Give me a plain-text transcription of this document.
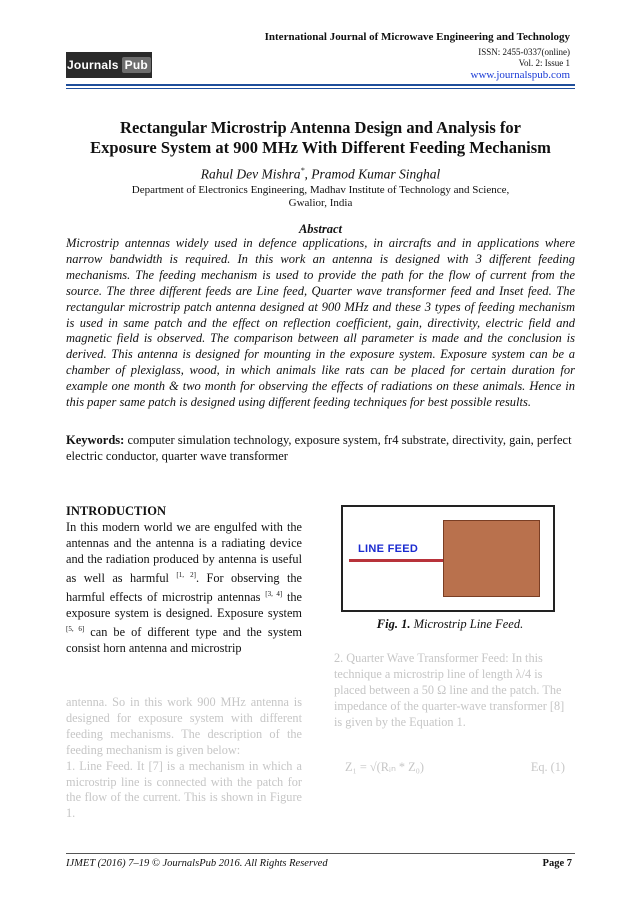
Journals Pub
International Journal of Microwave Engineering and Technology
ISSN: 2455-0337(online)
Vol. 2: Issue 1
www.journalspub.com
Rectangular Microstrip Antenna Design and Analysis for
Exposure System at 900 MHz With Different Feeding Mechanism
Rahul Dev Mishra*, Pramod Kumar Singhal
Department of Electronics Engineering, Madhav Institute of Technology and Science,
Gwalior, India
Abstract
Microstrip antennas widely used in defence applications, in aircrafts and in applications where narrow bandwidth is required. In this work an antenna is designed with 3 different feeding mechanisms. The feeding mechanism is used to provide the path for the flow of current from the source. The three different feeds are Line feed, Quarter wave transformer feed and Inset feed. The rectangular microstrip patch antenna designed at 900 MHz and these 3 types of feeding mechanism is used in same patch and the effect on reflection coefficient, gain, directivity, electric field and magnetic field is observed. The comparison between all parameter is made and the conclusion is derived. This antenna is designed for mounting in the exposure system. Exposure system can be a chamber of plexiglass, wood, in which animals like rats can be placed for certain duration for example one month & two month for observing the effects of radiations on these animals. Hence in this paper same patch is designed using different feeding techniques for best possible results.
Keywords: computer simulation technology, exposure system, fr4 substrate, directivity, gain, perfect electric conductor, quarter wave transformer

INTRODUCTION

In this modern world we are engulfed with the antennas and the antenna is a radiating device and the radiation produced by antenna is useful as well as harmful [1, 2]. For observing the harmful effects of microstrip antennas [3, 4] the exposure system is designed. Exposure system [5, 6] can be of different type and the system consist horn antenna and microstrip

antenna. So in this work 900 MHz antenna is designed for exposure system with different feeding mechanisms. The description of the feeding mechanism is given below:
1. Line Feed. It [7] is a mechanism in which a microstrip line is connected with the patch for the flow of the current. This is shown in Figure 1.
LINE FEED
Fig. 1. Microstrip Line Feed.
2. Quarter Wave Transformer Feed: In this technique a microstrip line of length λ/4 is placed between a 50 Ω line and the patch. The impedance of the quarter-wave transformer [8] is given by the Equation 1.
Z₁ = √(Rᵢₙ * Z₀)	Eq. (1)
IJMET (2016) 7–19 © JournalsPub 2016. All Rights Reserved	Page 7
